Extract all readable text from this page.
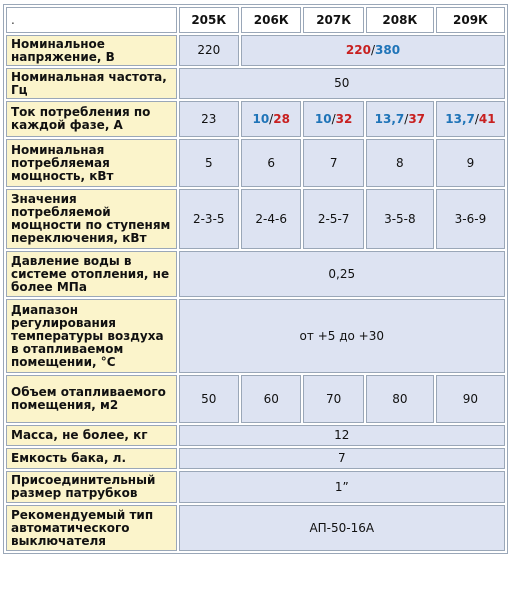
.	205К	206К	207К	208К	209К
Номинальное напряжение, В	220	220/380			
Номинальная частота, Гц	50				
Ток потребления по каждой фазе, А	23	10/28	10/32	13,7/37	13,7/41
Номинальная потребляемая мощность, кВт	5	6	7	8	9
Значения потребляемой мощности по ступеням переключения, кВт	2-3-5	2-4-6	2-5-7	3-5-8	3-6-9
Давление воды в системе отопления, не более МПа	0,25				
Диапазон регулирования температуры воздуха в отапливаемом помещении, °С	от +5 до +30				
Объем отапливаемого помещения, м2	50	60	70	80	90
Масса, не более, кг	12				
Емкость бака, л.	7				
Присоединительный размер патрубков	1”				
Рекомендуемый тип автоматического выключателя	АП-50-16А				
